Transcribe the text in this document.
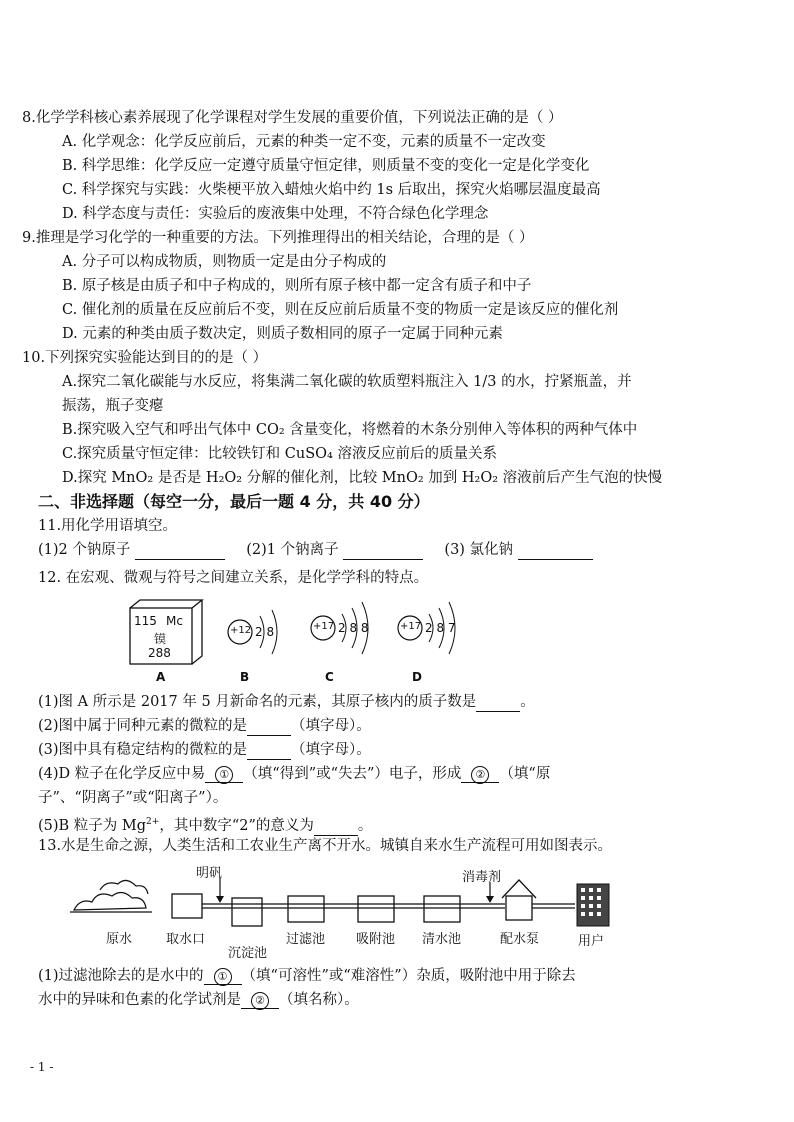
8.化学学科核心素养展现了化学课程对学生发展的重要价值，下列说法正确的是（ ）
A. 化学观念：化学反应前后，元素的种类一定不变，元素的质量不一定改变
B. 科学思维：化学反应一定遵守质量守恒定律，则质量不变的变化一定是化学变化
C. 科学探究与实践：火柴梗平放入蜡烛火焰中约 1s 后取出，探究火焰哪层温度最高
D. 科学态度与责任：实验后的废液集中处理，不符合绿色化学理念
9.推理是学习化学的一种重要的方法。下列推理得出的相关结论，合理的是（ ）
A. 分子可以构成物质，则物质一定是由分子构成的
B. 原子核是由质子和中子构成的，则所有原子核中都一定含有质子和中子
C. 催化剂的质量在反应前后不变，则在反应前后质量不变的物质一定是该反应的催化剂
D. 元素的种类由质子数决定，则质子数相同的原子一定属于同种元素
10.下列探究实验能达到目的的是（ ）
A.探究二氧化碳能与水反应，将集满二氧化碳的软质塑料瓶注入 1/3 的水，拧紧瓶盖，并
振荡，瓶子变瘪
B.探究吸入空气和呼出气体中 CO₂ 含量变化，将燃着的木条分别伸入等体积的两种气体中
C.探究质量守恒定律：比较铁钉和 CuSO₄ 溶液反应前后的质量关系
D.探究 MnO₂ 是否是 H₂O₂ 分解的催化剂，比较 MnO₂ 加到 H₂O₂ 溶液前后产生气泡的快慢
二、非选择题（每空一分，最后一题 4 分，共 40 分）
11.用化学用语填空。
(1)2 个钠原子	(2)1 个钠离子	(3) 氯化钠
12. 在宏观、微观与符号之间建立关系，是化学学科的特点。
115 Mc
镆
288
A
+12 2 8
B
+17 2 8 8
C
+17 2 8 7
D
(1)图 A 所示是 2017 年 5 月新命名的元素，其原子核内的质子数是	。
(2)图中属于同种元素的微粒的是	（填字母）。
(3)图中具有稳定结构的微粒的是	（填字母）。
(4)D 粒子在化学反应中易 ① （填“得到”或“失去”）电子，形成 ② （填“原
子”、“阴离子”或“阳离子”）。
(5)B 粒子为 $Mg^{2+}$，其中数字“2”的意义为	。
13.水是生命之源，人类生活和工农业生产离不开水。城镇自来水生产流程可用如图表示。
明矾	消毒剂
原水	取水口
沉淀池
过滤池 吸附池 清水池	配水泵	用户
(1)过滤池除去的是水中的 ① （填“可溶性”或“难溶性”）杂质，吸附池中用于除去
水中的异味和色素的化学试剂是 ② （填名称）。
- 1 -
